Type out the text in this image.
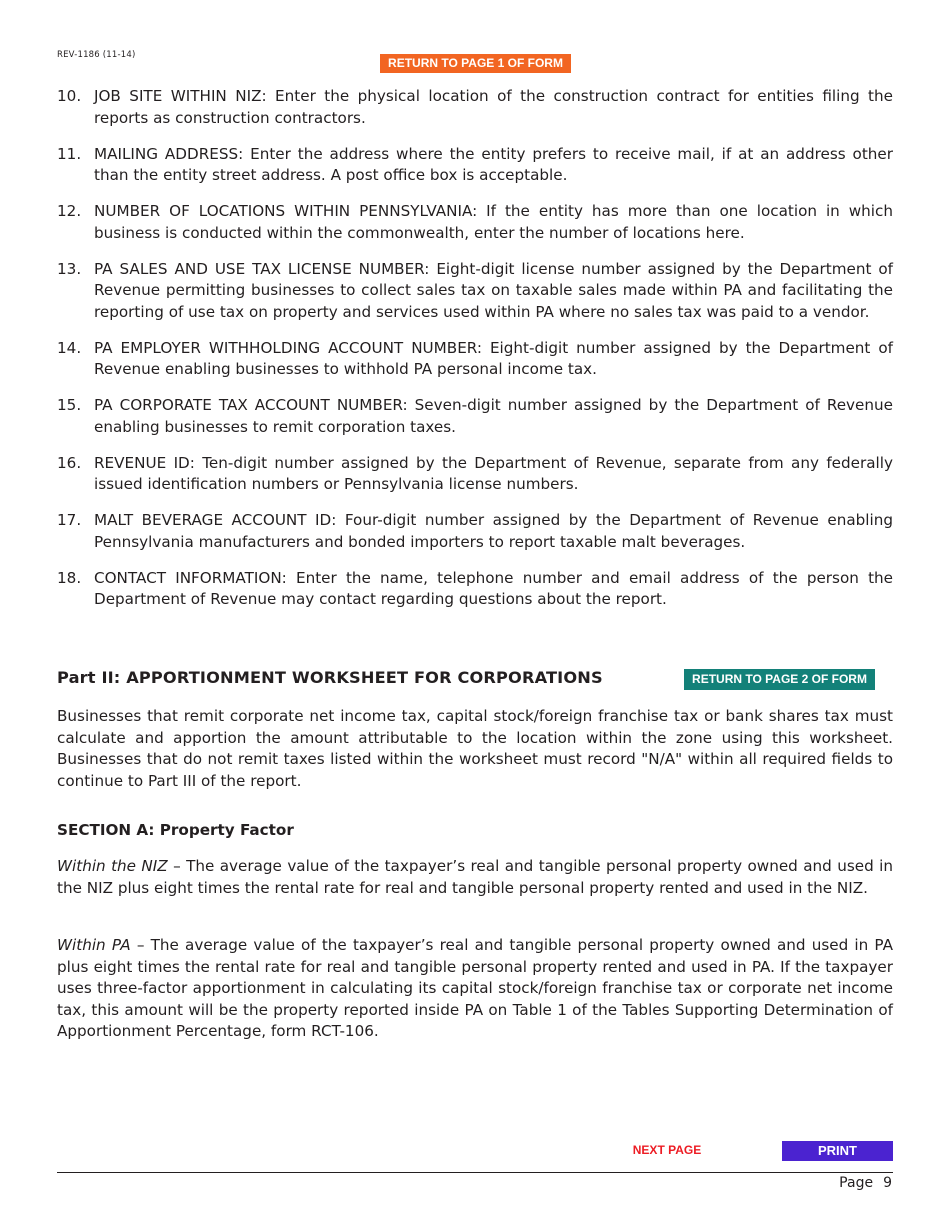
REV-1186 (11-14)
RETURN TO PAGE 1 OF FORM
10. JOB SITE WITHIN NIZ: Enter the physical location of the construction contract for entities filing the reports as construction contractors.
11. MAILING ADDRESS: Enter the address where the entity prefers to receive mail, if at an address other than the entity street address. A post office box is acceptable.
12. NUMBER OF LOCATIONS WITHIN PENNSYLVANIA: If the entity has more than one location in which business is conducted within the commonwealth, enter the number of locations here.
13. PA SALES AND USE TAX LICENSE NUMBER: Eight-digit license number assigned by the Department of Revenue permitting businesses to collect sales tax on taxable sales made within PA and facilitating the reporting of use tax on property and services used within PA where no sales tax was paid to a vendor.
14. PA EMPLOYER WITHHOLDING ACCOUNT NUMBER: Eight-digit number assigned by the Department of Revenue enabling businesses to withhold PA personal income tax.
15. PA CORPORATE TAX ACCOUNT NUMBER: Seven-digit number assigned by the Department of Revenue enabling businesses to remit corporation taxes.
16. REVENUE ID: Ten-digit number assigned by the Department of Revenue, separate from any federally issued identification numbers or Pennsylvania license numbers.
17. MALT BEVERAGE ACCOUNT ID: Four-digit number assigned by the Department of Revenue enabling Pennsylvania manufacturers and bonded importers to report taxable malt beverages.
18. CONTACT INFORMATION: Enter the name, telephone number and email address of the person the Department of Revenue may contact regarding questions about the report.
Part II: APPORTIONMENT WORKSHEET FOR CORPORATIONS	RETURN TO PAGE 2 OF FORM

Businesses that remit corporate net income tax, capital stock/foreign franchise tax or bank shares tax must calculate and apportion the amount attributable to the location within the zone using this worksheet. Businesses that do not remit taxes listed within the worksheet must record "N/A" within all required fields to continue to Part III of the report.

SECTION A: Property Factor

Within the NIZ – The average value of the taxpayer’s real and tangible personal property owned and used in the NIZ plus eight times the rental rate for real and tangible personal property rented and used in the NIZ.

Within PA – The average value of the taxpayer’s real and tangible personal property owned and used in PA plus eight times the rental rate for real and tangible personal property rented and used in PA. If the taxpayer uses three-factor apportionment in calculating its capital stock/foreign franchise tax or corporate net income tax, this amount will be the property reported inside PA on Table 1 of the Tables Supporting Determination of Apportionment Percentage, form RCT-106.

NEXT PAGE	PRINT
Page 9
